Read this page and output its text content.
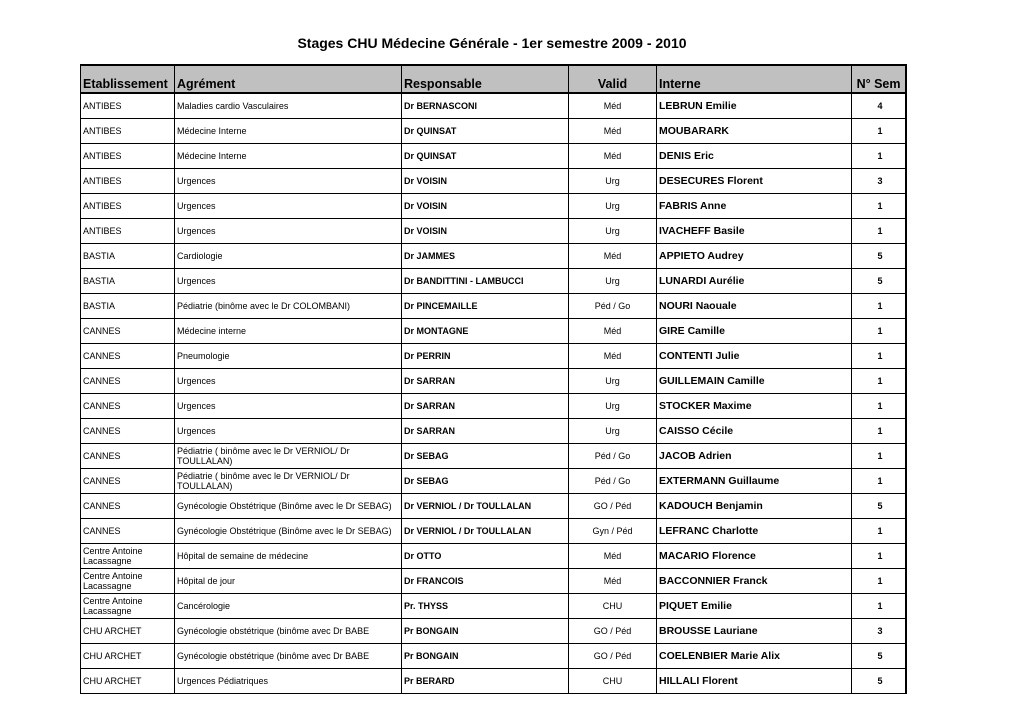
Stages CHU Médecine Générale - 1er semestre 2009 - 2010
Etablissement	Agrément	Responsable	Valid	Interne	N° Sem
ANTIBES	Maladies cardio Vasculaires	Dr BERNASCONI	Méd	LEBRUN Emilie	4
ANTIBES	Médecine Interne	Dr QUINSAT	Méd	MOUBARARK	1
ANTIBES	Médecine Interne	Dr QUINSAT	Méd	DENIS Eric	1
ANTIBES	Urgences	Dr VOISIN	Urg	DESECURES Florent	3
ANTIBES	Urgences	Dr VOISIN	Urg	FABRIS Anne	1
ANTIBES	Urgences	Dr VOISIN	Urg	IVACHEFF Basile	1
BASTIA	Cardiologie	Dr JAMMES	Méd	APPIETO Audrey	5
BASTIA	Urgences	Dr BANDITTINI - LAMBUCCI	Urg	LUNARDI Aurélie	5
BASTIA	Pédiatrie (binôme avec le Dr COLOMBANI)	Dr PINCEMAILLE	Péd / Go	NOURI Naouale	1
CANNES	Médecine interne	Dr MONTAGNE	Méd	GIRE Camille	1
CANNES	Pneumologie	Dr PERRIN	Méd	CONTENTI Julie	1
CANNES	Urgences	Dr SARRAN	Urg	GUILLEMAIN Camille	1
CANNES	Urgences	Dr SARRAN	Urg	STOCKER Maxime	1
CANNES	Urgences	Dr SARRAN	Urg	CAISSO Cécile	1
CANNES	Pédiatrie ( binôme avec le Dr VERNIOL/ Dr TOULLALAN)	Dr SEBAG	Péd / Go	JACOB Adrien	1
CANNES	Pédiatrie ( binôme avec le Dr VERNIOL/ Dr TOULLALAN)	Dr SEBAG	Péd / Go	EXTERMANN Guillaume	1
CANNES	Gynécologie Obstétrique (Binôme avec le Dr SEBAG)	Dr VERNIOL / Dr TOULLALAN	GO / Péd	KADOUCH Benjamin	5
CANNES	Gynécologie Obstétrique (Binôme avec le Dr SEBAG)	Dr VERNIOL / Dr TOULLALAN	Gyn / Péd	LEFRANC Charlotte	1
Centre Antoine Lacassagne	Hôpital de semaine de médecine	Dr OTTO	Méd	MACARIO Florence	1
Centre Antoine Lacassagne	Hôpital de jour	Dr FRANCOIS	Méd	BACCONNIER Franck	1
Centre Antoine Lacassagne	Cancérologie	Pr. THYSS	CHU	PIQUET Emilie	1
CHU ARCHET	Gynécologie obstétrique (binôme avec Dr BABE	Pr BONGAIN	GO / Péd	BROUSSE Lauriane	3
CHU ARCHET	Gynécologie obstétrique (binôme avec Dr BABE	Pr BONGAIN	GO / Péd	COELENBIER Marie Alix	5
CHU ARCHET	Urgences Pédiatriques	Pr BERARD	CHU	HILLALI Florent	5
